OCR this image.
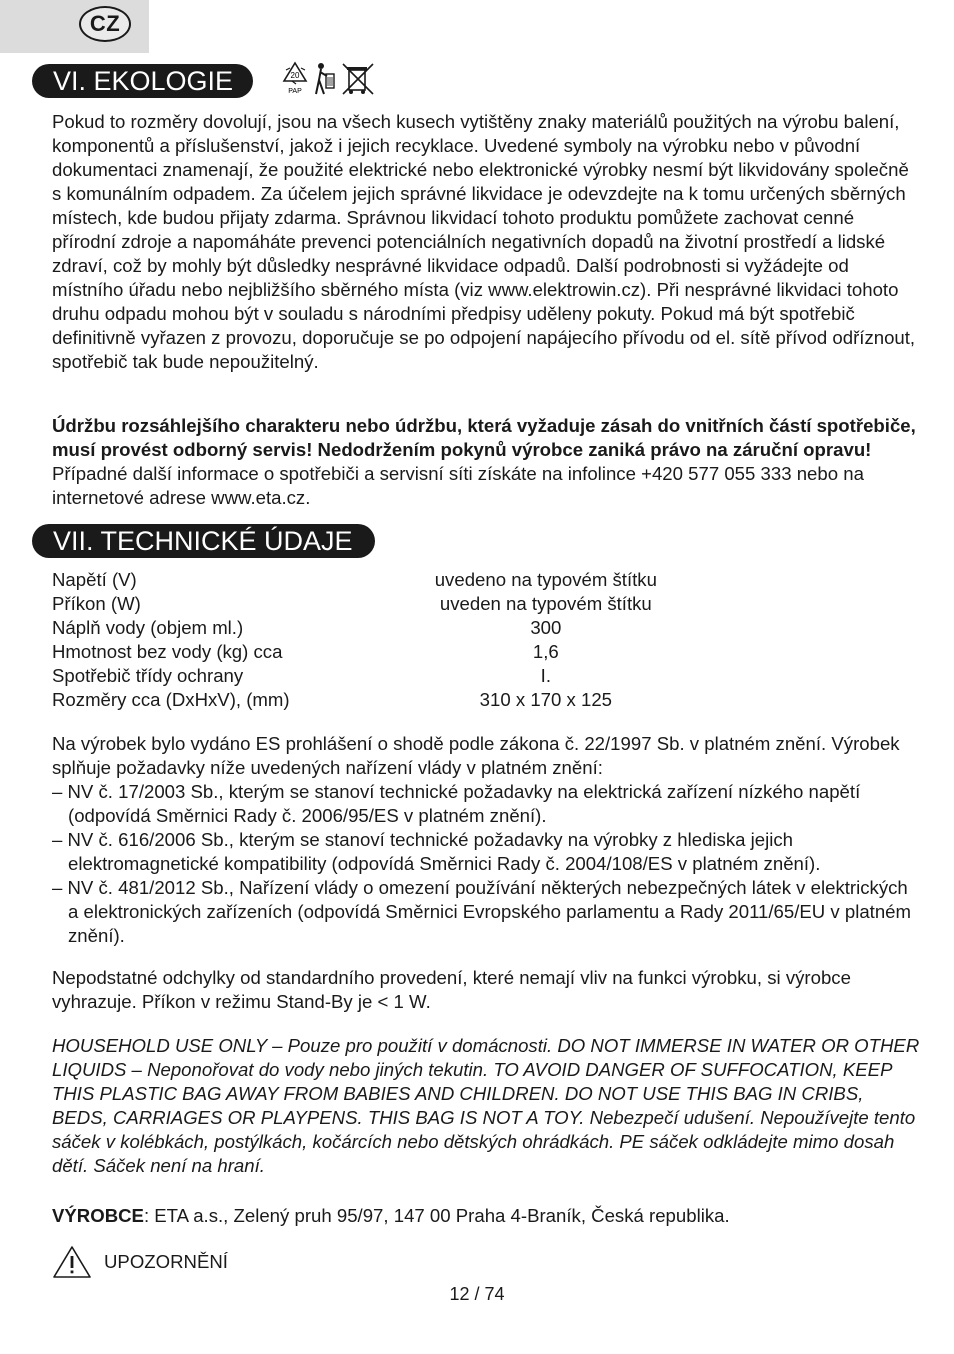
CZ
VI. EKOLOGIE	20
PAP

Pokud to rozměry dovolují, jsou na všech kusech vytištěny znaky materiálů použitých na výrobu balení, komponentů a příslušenství, jakož i jejich recyklace. Uvedené symboly na výrobku nebo v původní dokumentaci znamenají, že použité elektrické nebo elektronické výrobky nesmí být likvidovány společně s komunálním odpadem. Za účelem jejich správné likvidace je odevzdejte na k tomu určených sběrných místech, kde budou přijaty zdarma. Správnou likvidací tohoto produktu pomůžete zachovat cenné přírodní zdroje a napomáháte prevenci potenciálních negativních dopadů na životní prostředí a lidské zdraví, což by mohly být důsledky nesprávné likvidace odpadů. Další podrobnosti si vyžádejte od místního úřadu nebo nejbližšího sběrného místa (viz www.elektrowin.cz). Při nesprávné likvidaci tohoto druhu odpadu mohou být v souladu s národními předpisy uděleny pokuty. Pokud má být spotřebič definitivně vyřazen z provozu, doporučuje se po odpojení napájecího přívodu od el. sítě přívod odříznout, spotřebič tak bude nepoužitelný.

Údržbu rozsáhlejšího charakteru nebo údržbu, která vyžaduje zásah do vnitřních částí spotřebiče, musí provést odborný servis! Nedodržením pokynů výrobce zaniká právo na záruční opravu! Případné další informace o spotřebiči a servisní síti získáte na infolince +420 577 055 333 nebo na internetové adrese www.eta.cz.

VII. TECHNICKÉ ÚDAJE
Napětí (V)	uvedeno na typovém štítku
Příkon (W)	uveden na typovém štítku
Náplň vody (objem ml.)	300
Hmotnost bez vody (kg) cca	1,6
Spotřebič třídy ochrany	I.
Rozměry cca (DxHxV), (mm)	310 x 170 x 125

Na výrobek bylo vydáno ES prohlášení o shodě podle zákona č. 22/1997 Sb. v platném znění. Výrobek splňuje požadavky níže uvedených nařízení vlády v platném znění:

– NV č. 17/2003 Sb., kterým se stanoví technické požadavky na elektrická zařízení nízkého napětí (odpovídá Směrnici Rady č. 2006/95/ES v platném znění).

– NV č. 616/2006 Sb., kterým se stanoví technické požadavky na výrobky z hlediska jejich elektromagnetické kompatibility (odpovídá Směrnici Rady č. 2004/108/ES v platném znění).

– NV č. 481/2012 Sb., Nařízení vlády o omezení používání některých nebezpečných látek v elektrických a elektronických zařízeních (odpovídá Směrnici Evropského parlamentu a Rady 2011/65/EU v platném znění).

Nepodstatné odchylky od standardního provedení, které nemají vliv na funkci výrobku, si výrobce vyhrazuje. Příkon v režimu Stand-By je < 1 W.

HOUSEHOLD USE ONLY – Pouze pro použití v domácnosti. DO NOT IMMERSE IN WATER OR OTHER LIQUIDS – Neponořovat do vody nebo jiných tekutin. TO AVOID DANGER OF SUFFOCATION, KEEP THIS PLASTIC BAG AWAY FROM BABIES AND CHILDREN. DO NOT USE THIS BAG IN CRIBS, BEDS, CARRIAGES OR PLAYPENS. THIS BAG IS NOT A TOY. Nebezpečí udušení. Nepoužívejte tento sáček v kolébkách, postýlkách, kočárcích nebo dětských ohrádkách. PE sáček odkládejte mimo dosah dětí. Sáček není na hraní.

VÝROBCE: ETA a.s., Zelený pruh 95/97, 147 00 Praha 4-Braník, Česká republika.

UPOZORNĚNÍ
12 / 74
